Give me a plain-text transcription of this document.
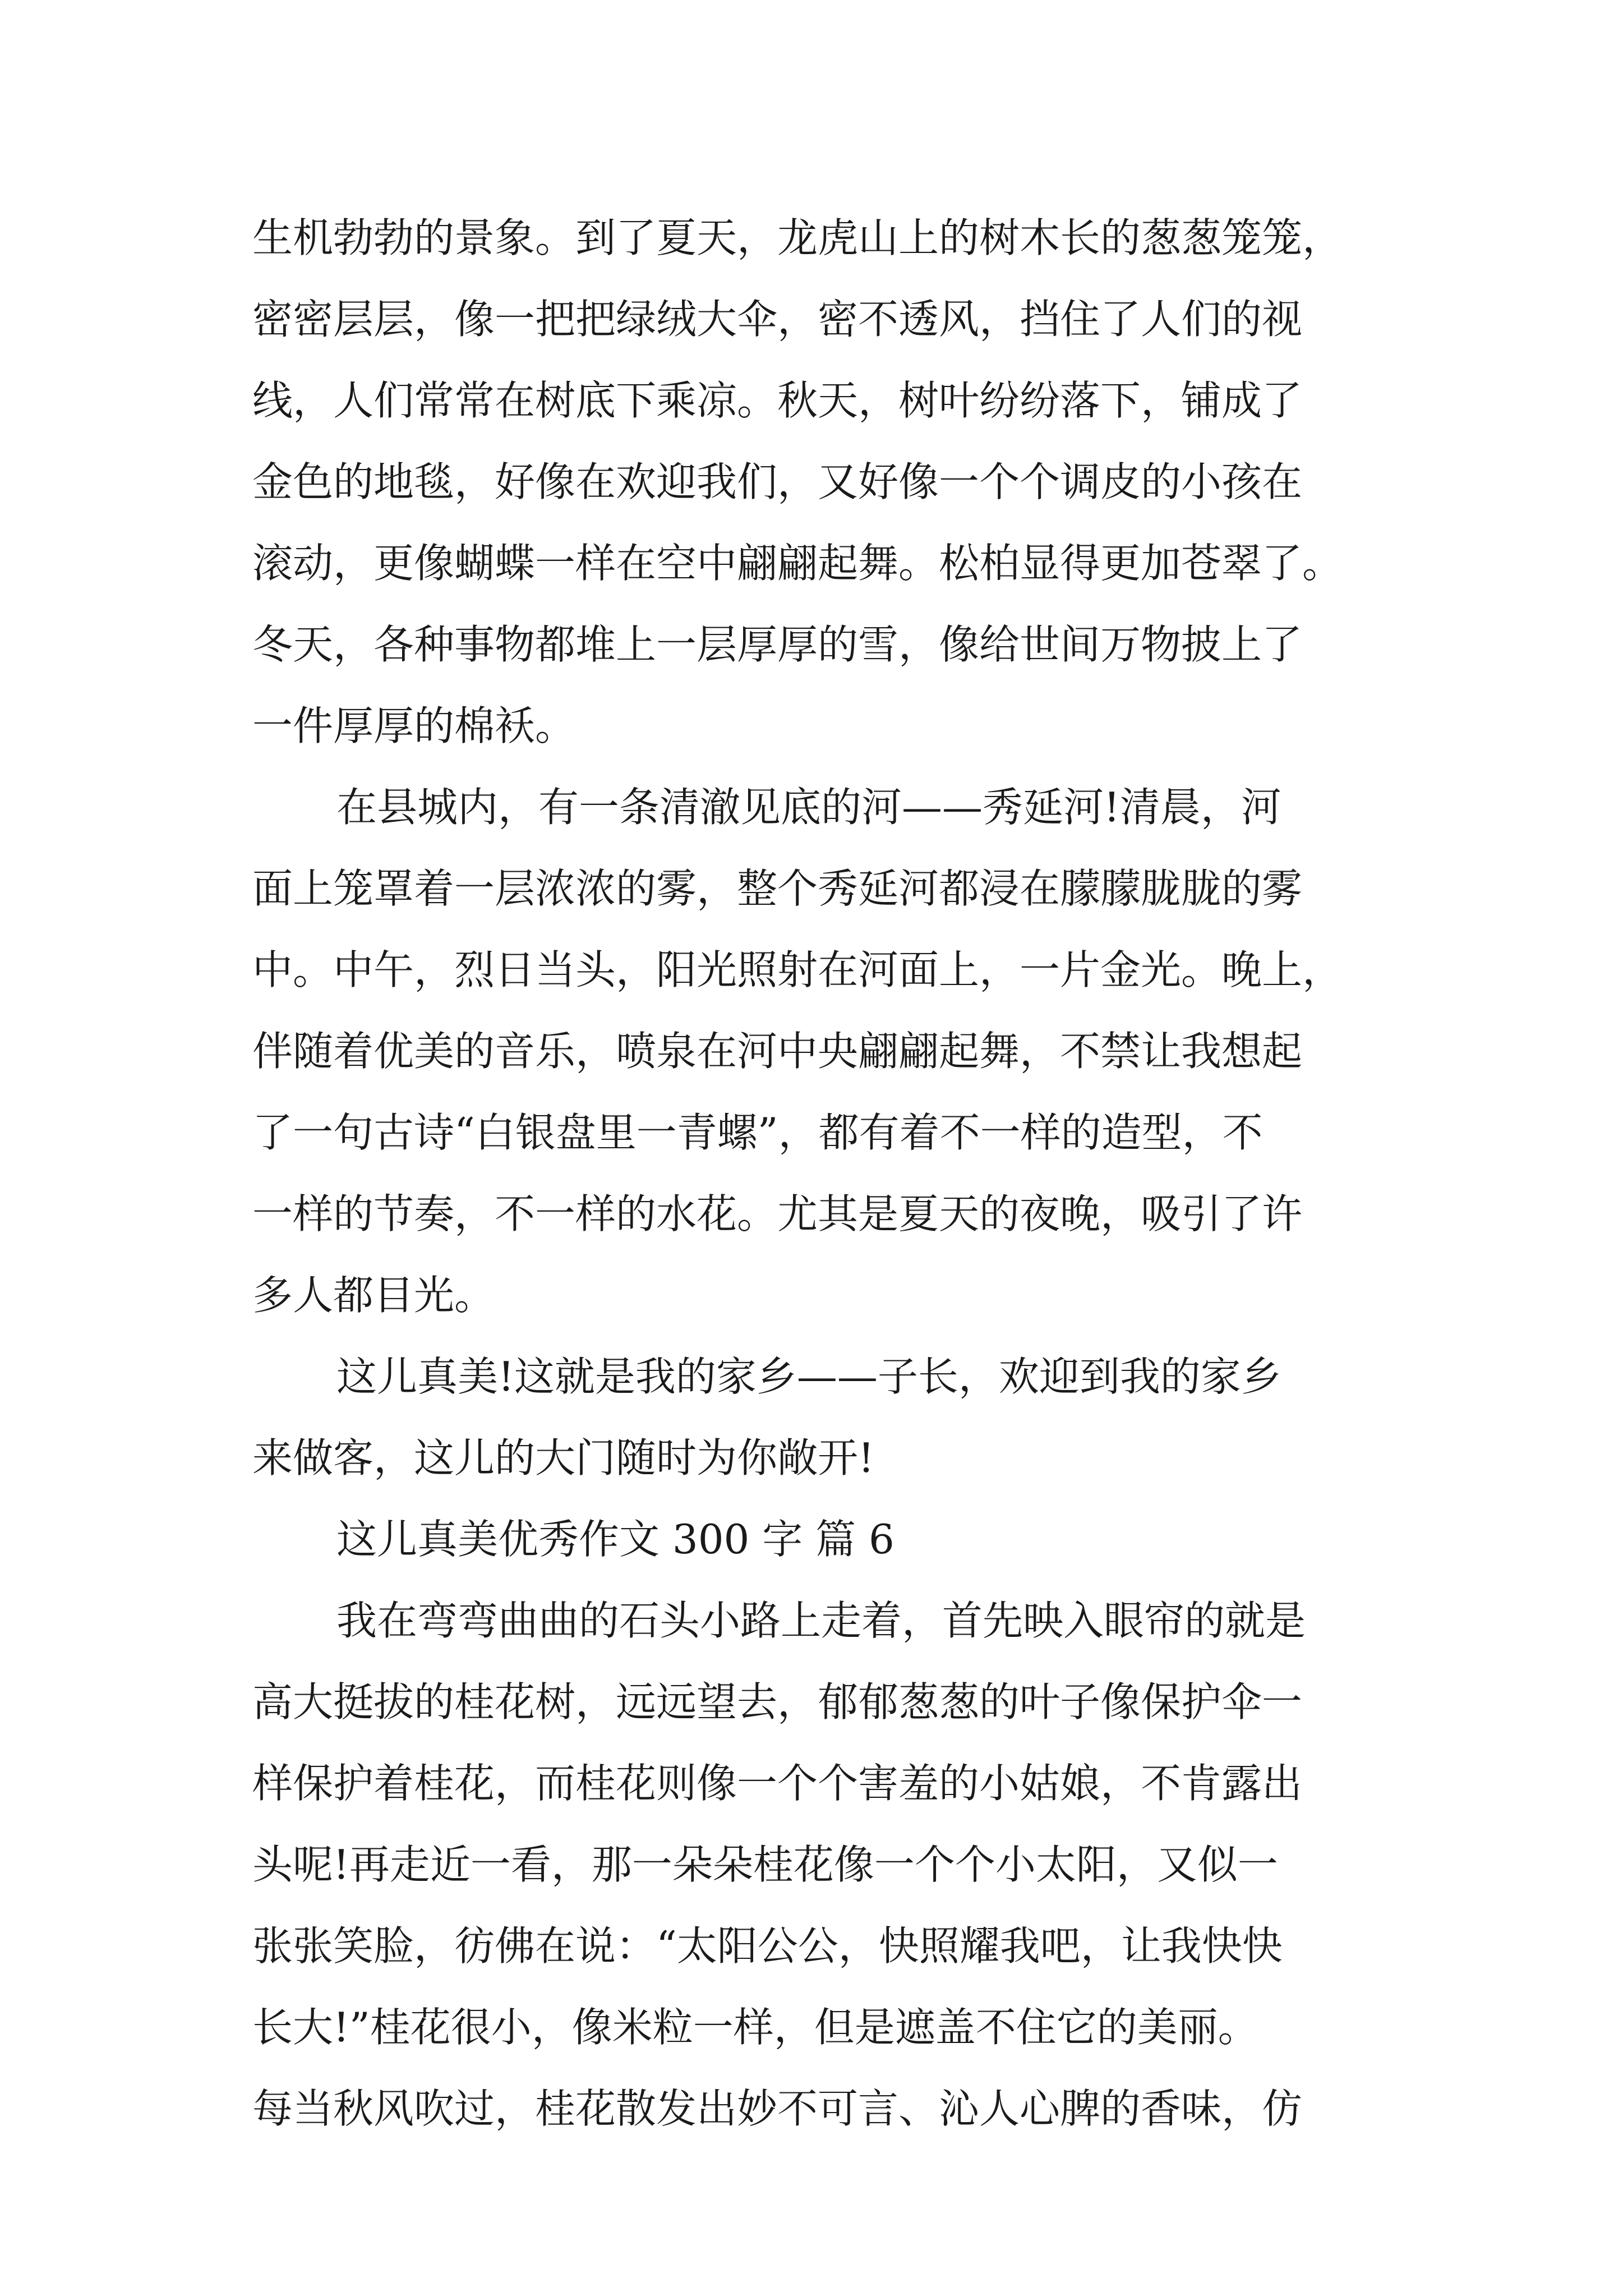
生机勃勃的景象。到了夏天，龙虎山上的树木长的葱葱笼笼，
密密层层，像一把把绿绒大伞，密不透风，挡住了人们的视
线，人们常常在树底下乘凉。秋天，树叶纷纷落下，铺成了
金色的地毯，好像在欢迎我们，又好像一个个调皮的小孩在
滚动，更像蝴蝶一样在空中翩翩起舞。松柏显得更加苍翠了。
冬天，各种事物都堆上一层厚厚的雪，像给世间万物披上了
一件厚厚的棉袄。
在县城内，有一条清澈见底的河——秀延河!清晨，河
面上笼罩着一层浓浓的雾，整个秀延河都浸在朦朦胧胧的雾
中。中午，烈日当头，阳光照射在河面上，一片金光。晚上，
伴随着优美的音乐，喷泉在河中央翩翩起舞，不禁让我想起
了一句古诗“白银盘里一青螺”，都有着不一样的造型，不
一样的节奏，不一样的水花。尤其是夏天的夜晚，吸引了许
多人都目光。
这儿真美!这就是我的家乡——子长，欢迎到我的家乡
来做客，这儿的大门随时为你敞开!
这儿真美优秀作文 300 字 篇 6
我在弯弯曲曲的石头小路上走着，首先映入眼帘的就是
高大挺拔的桂花树，远远望去，郁郁葱葱的叶子像保护伞一
样保护着桂花，而桂花则像一个个害羞的小姑娘，不肯露出
头呢!再走近一看，那一朵朵桂花像一个个小太阳，又似一
张张笑脸，彷佛在说：“太阳公公，快照耀我吧，让我快快
长大!”桂花很小，像米粒一样，但是遮盖不住它的美丽。
每当秋风吹过，桂花散发出妙不可言、沁人心脾的香味，仿
